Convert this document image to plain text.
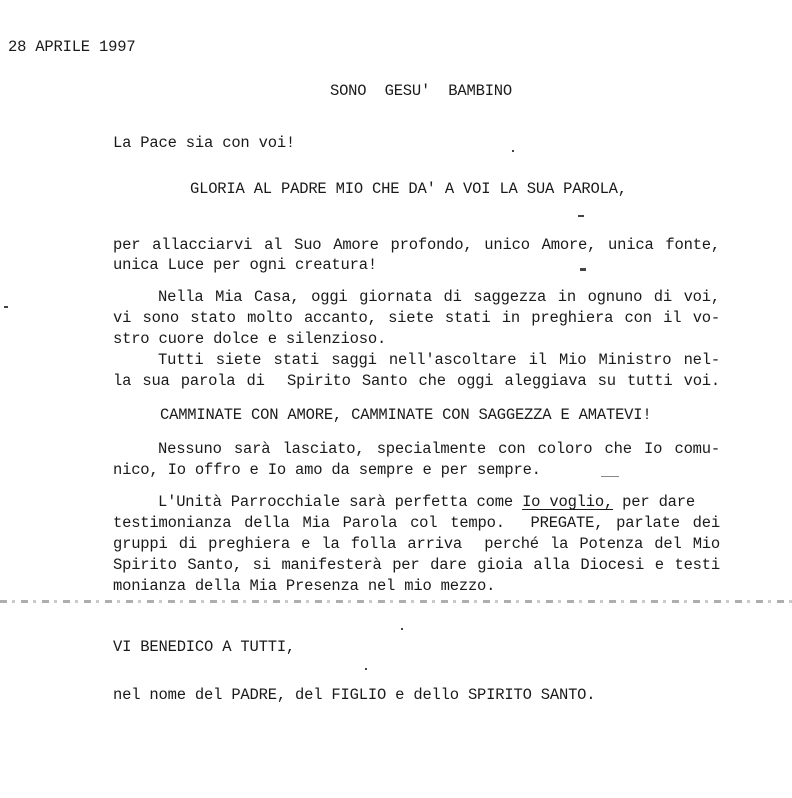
28 APRILE 1997
SONO  GESU'  BAMBINO
La Pace sia con voi!
GLORIA AL PADRE MIO CHE DA' A VOI LA SUA PAROLA,
per allacciarvi al Suo Amore profondo, unico Amore, unica fonte,
unica Luce per ogni creatura!
Nella Mia Casa, oggi giornata di saggezza in ognuno di voi,
vi sono stato molto accanto, siete stati in preghiera con il vo-
stro cuore dolce e silenzioso.
Tutti siete stati saggi nell'ascoltare il Mio Ministro nel-
la sua parola di  Spirito Santo che oggi aleggiava su tutti voi.
CAMMINATE CON AMORE, CAMMINATE CON SAGGEZZA E AMATEVI!
Nessuno sarà lasciato, specialmente con coloro che Io comu-
nico, Io offro e Io amo da sempre e per sempre.
L'Unità Parrocchiale sarà perfetta come Io voglio, per dare
testimonianza della Mia Parola col tempo.  PREGATE, parlate dei
gruppi di preghiera e la folla arriva  perché la Potenza del Mio
Spirito Santo, si manifesterà per dare gioia alla Diocesi e testi
monianza della Mia Presenza nel mio mezzo.
VI BENEDICO A TUTTI,
nel nome del PADRE, del FIGLIO e dello SPIRITO SANTO.
